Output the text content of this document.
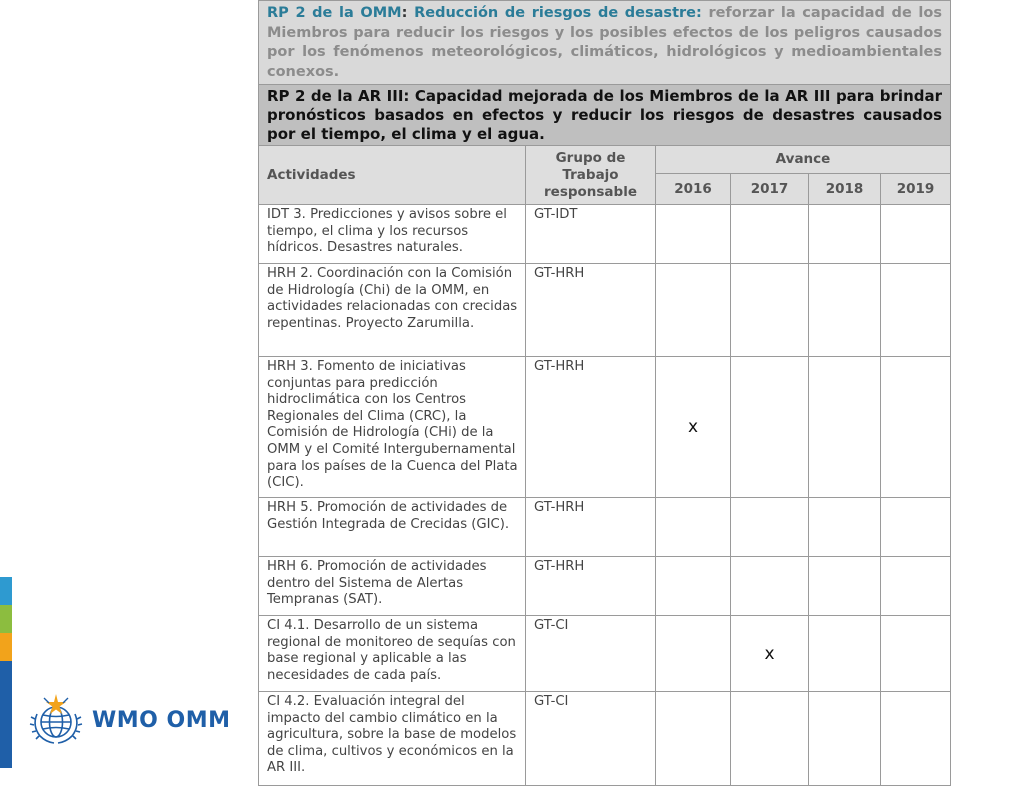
WMO OMM
RP 2 de la OMM: Reducción de riesgos de desastre: reforzar la capacidad de los Miembros para reducir los riesgos y los posibles efectos de los peligros causados por los fenómenos meteorológicos, climáticos, hidrológicos y medioambientales conexos.					
RP 2 de la AR III: Capacidad mejorada de los Miembros de la AR III para brindar pronósticos basados en efectos y reducir los riesgos de desastres causados por el tiempo, el clima y el agua.					
Actividades	Grupo de Trabajo responsable	Avance			
		2016	2017	2018	2019
IDT 3. Predicciones y avisos sobre el tiempo, el clima y los recursos hídricos. Desastres naturales.	GT-IDT				
HRH 2. Coordinación con la Comisión de Hidrología (Chi) de la OMM, en actividades relacionadas con crecidas repentinas. Proyecto Zarumilla.	GT-HRH				
HRH 3. Fomento de iniciativas conjuntas para predicción hidroclimática con los Centros Regionales del Clima (CRC), la Comisión de Hidrología (CHi) de la OMM y el Comité Intergubernamental para los países de la Cuenca del Plata (CIC).	GT-HRH	x			
HRH 5. Promoción de actividades de Gestión Integrada de Crecidas (GIC).	GT-HRH				
HRH 6. Promoción de actividades dentro del Sistema de Alertas Tempranas (SAT).	GT-HRH				
CI 4.1. Desarrollo de un sistema regional de monitoreo de sequías con base regional y aplicable a las necesidades de cada país.	GT-CI		x		
CI 4.2. Evaluación integral del impacto del cambio climático en la agricultura, sobre la base de modelos de clima, cultivos y económicos en la AR III.	GT-CI				
